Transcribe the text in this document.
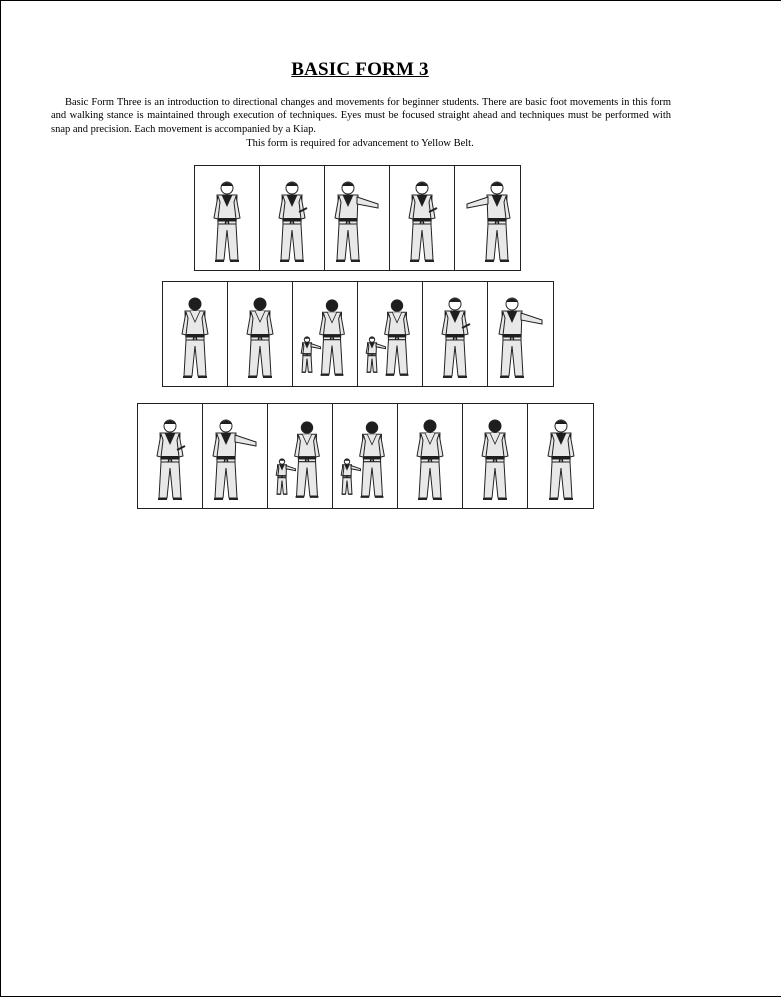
BASIC FORM 3
Basic Form Three is an introduction to directional changes and movements for beginner students. There are basic foot movements in this form and walking stance is maintained through execution of techniques. Eyes must be focused straight ahead and techniques must be performed with snap and precision. Each movement is accompanied by a Kiap.
This form is required for advancement to Yellow Belt.
